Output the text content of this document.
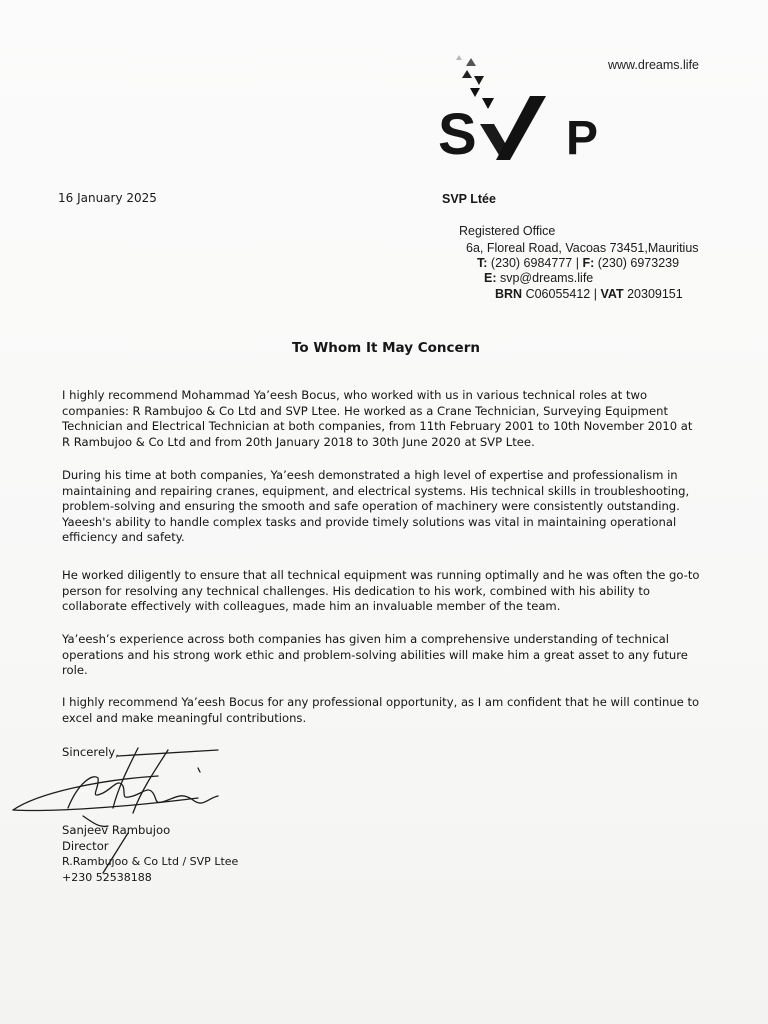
www.dreams.life
S P
16 January 2025	SVP Ltée
Registered Office
6a, Floreal Road, Vacoas 73451,Mauritius
T: (230) 6984777 | F: (230) 6973239
E: svp@dreams.life
BRN C06055412 | VAT 20309151
To Whom It May Concern
I highly recommend Mohammad Ya’eesh Bocus, who worked with us in various technical roles at two companies: R Rambujoo & Co Ltd and SVP Ltee. He worked as a Crane Technician, Surveying Equipment Technician and Electrical Technician at both companies, from 11th February 2001 to 10th November 2010 at R Rambujoo & Co Ltd and from 20th January 2018 to 30th June 2020 at SVP Ltee.
During his time at both companies, Ya’eesh demonstrated a high level of expertise and professionalism in maintaining and repairing cranes, equipment, and electrical systems. His technical skills in troubleshooting, problem-solving and ensuring the smooth and safe operation of machinery were consistently outstanding. Yaeesh's ability to handle complex tasks and provide timely solutions was vital in maintaining operational efficiency and safety.
He worked diligently to ensure that all technical equipment was running optimally and he was often the go-to person for resolving any technical challenges. His dedication to his work, combined with his ability to collaborate effectively with colleagues, made him an invaluable member of the team.
Ya’eesh’s experience across both companies has given him a comprehensive understanding of technical operations and his strong work ethic and problem-solving abilities will make him a great asset to any future role.
I highly recommend Ya’eesh Bocus for any professional opportunity, as I am confident that he will continue to excel and make meaningful contributions.
Sincerely,
Sanjeev Rambujoo
Director
R.Rambujoo & Co Ltd / SVP Ltee
+230 52538188
